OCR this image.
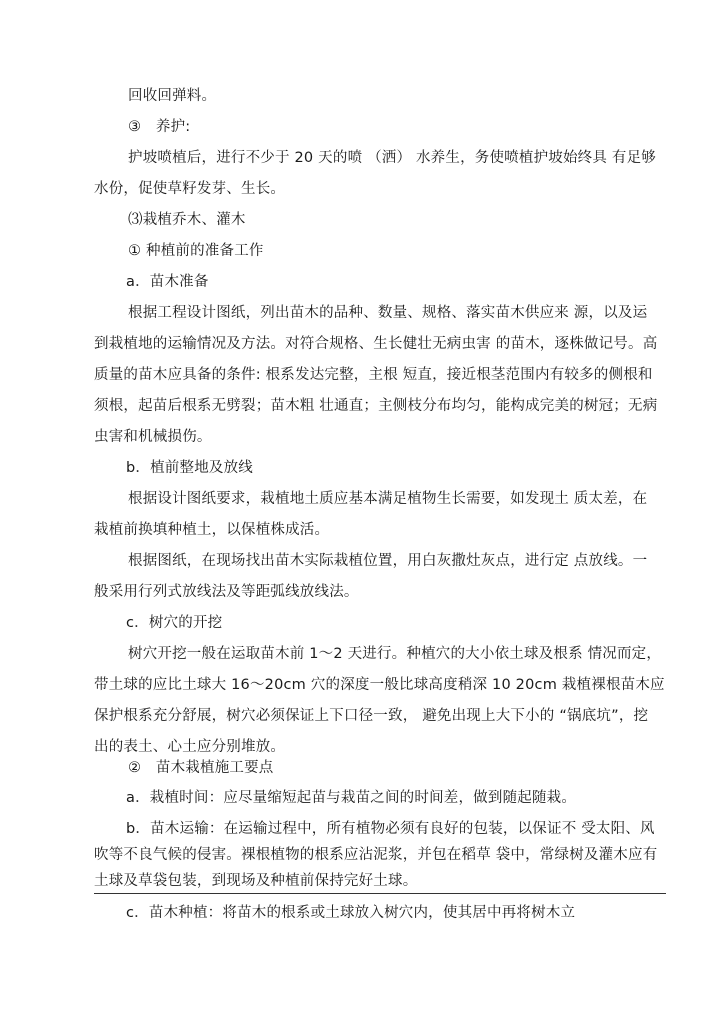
回收回弹料。
③　养护:
护坡喷植后，进行不少于 20 天的喷 （洒） 水养生，务使喷植护坡始终具 有足够
水份，促使草籽发芽、生长。
⑶栽植乔木、灌木
① 种植前的准备工作
a．苗木准备
根据工程设计图纸，列出苗木的品种、数量、规格、落实苗木供应来 源，以及运
到栽植地的运输情况及方法。对符合规格、生长健壮无病虫害 的苗木，逐株做记号。高
质量的苗木应具备的条件: 根系发达完整，主根 短直，接近根茎范围内有较多的侧根和
须根，起苗后根系无劈裂；苗木粗 壮通直；主侧枝分布均匀，能构成完美的树冠；无病
虫害和机械损伤。
b．植前整地及放线
根据设计图纸要求，栽植地土质应基本满足植物生长需要，如发现土 质太差，在
栽植前换填种植土，以保植株成活。
根据图纸，在现场找出苗木实际栽植位置，用白灰撒灶灰点，进行定 点放线。一
般采用行列式放线法及等距弧线放线法。
c．树穴的开挖
树穴开挖一般在运取苗木前 1～2 天进行。种植穴的大小依土球及根系 情况而定，
带土球的应比土球大 16～20cm 穴的深度一般比球高度稍深 10 20cm 栽植裸根苗木应
保护根系充分舒展，树穴必须保证上下口径一致， 避免出现上大下小的 “锅底坑”，挖
出的表土、心土应分别堆放。
②　苗木栽植施工要点
a．栽植时间：应尽量缩短起苗与栽苗之间的时间差，做到随起随栽。
b．苗木运输：在运输过程中，所有植物必须有良好的包装，以保证不 受太阳、风
吹等不良气候的侵害。裸根植物的根系应沾泥浆，并包在稻草 袋中，常绿树及灌木应有
土球及草袋包装，到现场及种植前保持完好土球。
c．苗木种植：将苗木的根系或土球放入树穴内，使其居中再将树木立
